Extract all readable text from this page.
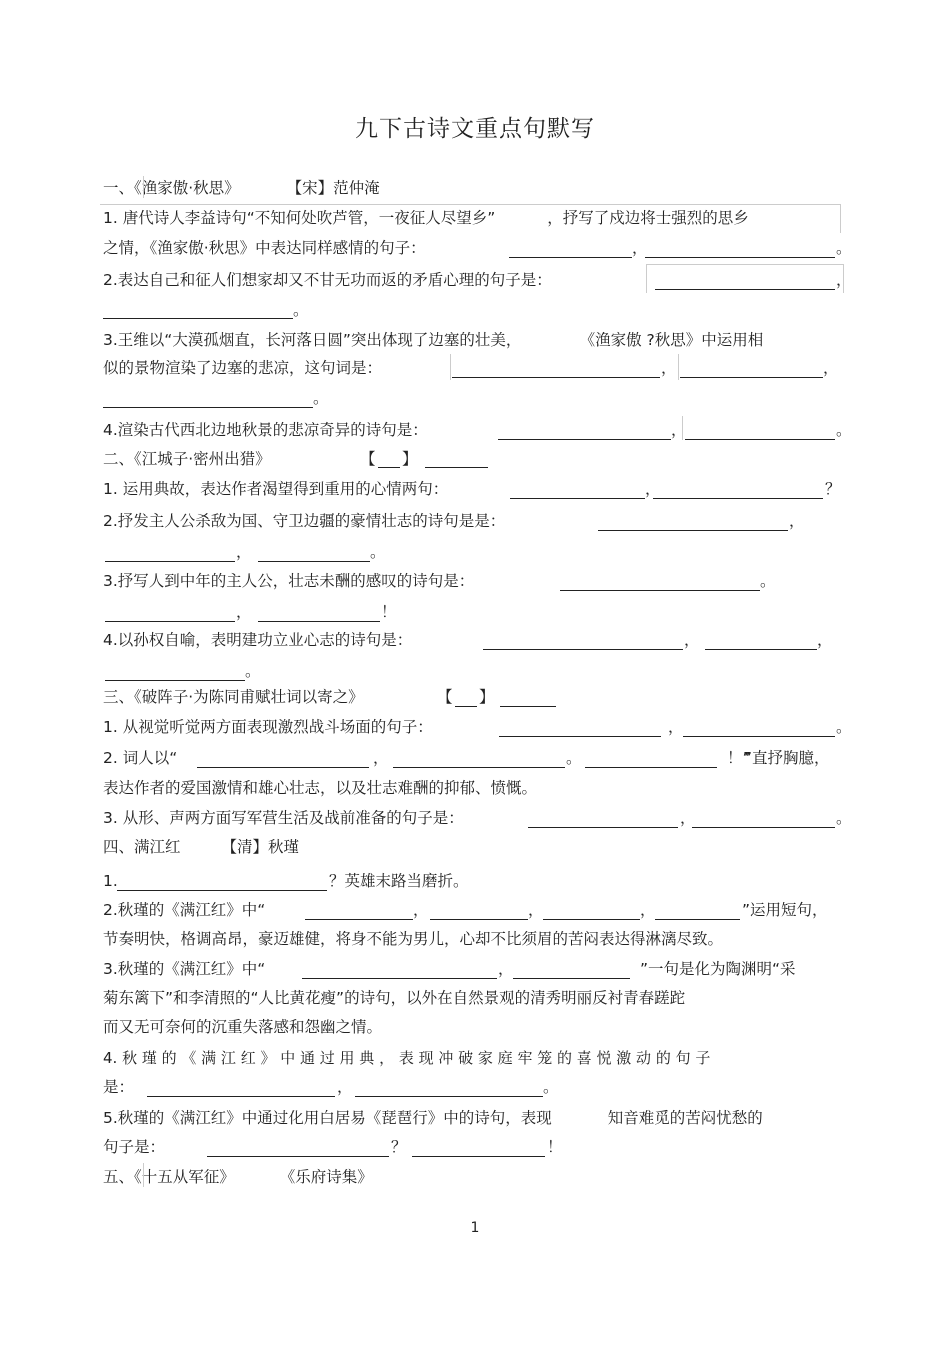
九下古诗文重点句默写
一、《渔家傲·秋思》	【宋】范仲淹
1. 唐代诗人李益诗句“不知何处吹芦管，一夜征人尽望乡”	，抒写了戍边将士强烈的思乡
之情，《渔家傲·秋思》中表达同样感情的句子：	，	。
2.表达自己和征人们想家却又不甘无功而返的矛盾心理的句子是：	，
。
3.王维以“大漠孤烟直，长河落日圆”突出体现了边塞的壮美，	《渔家傲 ?秋思》中运用相
似的景物渲染了边塞的悲凉，这句词是：	，	，
。
4.渲染古代西北边地秋景的悲凉奇异的诗句是：	，	。
二、《江城子·密州出猎》	【 】
1. 运用典故，表达作者渴望得到重用的心情两句：	，	？
2.抒发主人公杀敌为国、守卫边疆的豪情壮志的诗句是是：	，
，	。
3.抒写人到中年的主人公，壮志未酬的感叹的诗句是：	。
，	！
4.以孙权自喻，表明建功立业心志的诗句是：	，	，
。
三、《破阵子·为陈同甫赋壮词以寄之》	【 】
1. 从视觉听觉两方面表现激烈战斗场面的句子：	，	。
2. 词人以“	，	。	！”
”直抒胸臆，
表达作者的爱国激情和雄心壮志，以及壮志难酬的抑郁、愤慨。
3. 从形、声两方面写军营生活及战前准备的句子是：	，	。
四、满江红	【清】秋瑾
1.	？英雄末路当磨折。
2.秋瑾的《满江红》中“	，	，	，	”运用短句，
节奏明快，格调高昂，豪迈雄健，将身不能为男儿，心却不比须眉的苦闷表达得淋漓尽致。
3.秋瑾的《满江红》中“	，	”一句是化为陶渊明“采
菊东篱下”和李清照的“人比黄花瘦”的诗句，以外在自然景观的清秀明丽反衬青春蹉跎
而又无可奈何的沉重失落感和怨幽之情。
4. 秋 瑾 的 《 满 江 红 》 中 通 过 用 典 ， 表 现 冲 破 家 庭 牢 笼 的 喜 悦 激 动 的 句 子
是：	，	。
5.秋瑾的《满江红》中通过化用白居易《琵琶行》中的诗句，表现	知音难觅的苦闷忧愁的
句子是：	？	！
五、《十五从军征》	《乐府诗集》
1
